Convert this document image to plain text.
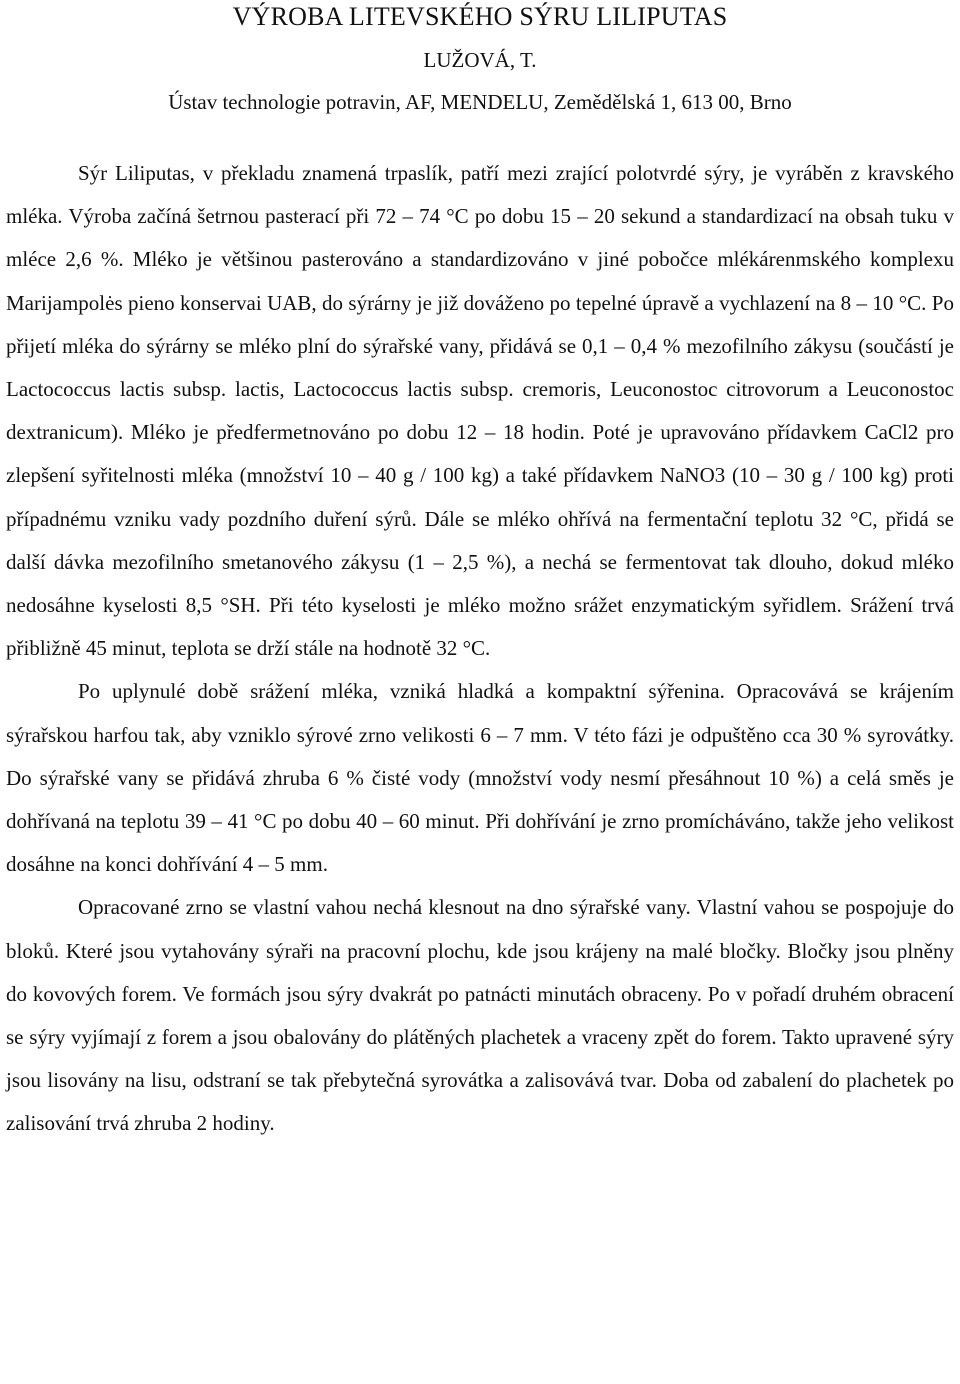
VÝROBA LITEVSKÉHO SÝRU LILIPUTAS

LUŽOVÁ, T.

Ústav technologie potravin, AF, MENDELU, Zemědělská 1, 613 00, Brno

Sýr Liliputas, v překladu znamená trpaslík, patří mezi zrající polotvrdé sýry, je vyráběn z kravského mléka. Výroba začíná šetrnou pasterací při 72 – 74 °C po dobu 15 – 20 sekund a standardizací na obsah tuku v mléce 2,6 %. Mléko je většinou pasterováno a standardizováno v jiné pobočce mlékárenmského komplexu Marijampolės pieno konservai UAB, do sýrárny je již dováženo po tepelné úpravě a vychlazení na 8 – 10 °C. Po přijetí mléka do sýrárny se mléko plní do sýrařské vany, přidává se 0,1 – 0,4 % mezofilního zákysu (součástí je Lactococcus lactis subsp. lactis, Lactococcus lactis subsp. cremoris, Leuconostoc citrovorum a Leuconostoc dextranicum). Mléko je předfermetnováno po dobu 12 – 18 hodin. Poté je upravováno přídavkem CaCl2 pro zlepšení syřitelnosti mléka (množství 10 – 40 g / 100 kg) a také přídavkem NaNO3 (10 – 30 g / 100 kg) proti případnému vzniku vady pozdního duření sýrů. Dále se mléko ohřívá na fermentační teplotu 32 °C, přidá se další dávka mezofilního smetanového zákysu (1 – 2,5 %), a nechá se fermentovat tak dlouho, dokud mléko nedosáhne kyselosti 8,5 °SH. Při této kyselosti je mléko možno srážet enzymatickým syřidlem. Srážení trvá přibližně 45 minut, teplota se drží stále na hodnotě 32 °C.

Po uplynulé době srážení mléka, vzniká hladká a kompaktní sýřenina. Opracovává se krájením sýrařskou harfou tak, aby vzniklo sýrové zrno velikosti 6 – 7 mm. V této fázi je odpuštěno cca 30 % syrovátky. Do sýrařské vany se přidává zhruba 6 % čisté vody (množství vody nesmí přesáhnout 10 %) a celá směs je dohřívaná na teplotu 39 – 41 °C po dobu 40 – 60 minut. Při dohřívání je zrno promícháváno, takže jeho velikost dosáhne na konci dohřívání 4 – 5 mm.

Opracované zrno se vlastní vahou nechá klesnout na dno sýrařské vany. Vlastní vahou se pospojuje do bloků. Které jsou vytahovány sýraři na pracovní plochu, kde jsou krájeny na malé bločky. Bločky jsou plněny do kovových forem. Ve formách jsou sýry dvakrát po patnácti minutách obraceny. Po v pořadí druhém obracení se sýry vyjímají z forem a jsou obalovány do plátěných plachetek a vraceny zpět do forem. Takto upravené sýry jsou lisovány na lisu, odstraní se tak přebytečná syrovátka a zalisovává tvar. Doba od zabalení do plachetek po zalisování trvá zhruba 2 hodiny.
